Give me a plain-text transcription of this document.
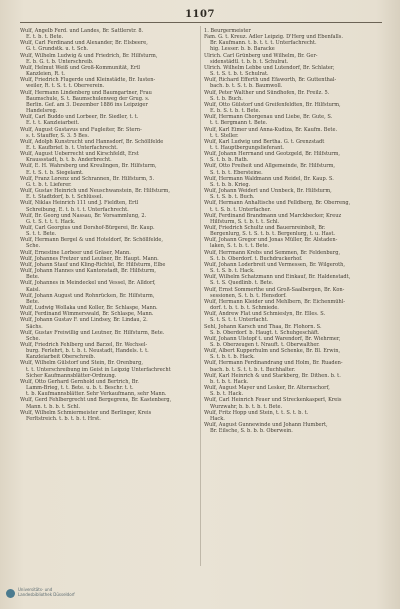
1107
Wulf, Angelb Ferd. und Landes, Br. Sattlerstr. 8.
E. t. b. t. Bete.
Wulf, Carl Ferdinand und Alexander, Br. Elsbeere,
G. t. Grundstk. u. t. Sch.
Wulf, Wilhelm Ludwig & und Friedrich, Br. Hilfsturm,
E. b. G. t. b. Unterschreib.
Wulf, Helmut Weiß und Groß-Kommunität, Ertl
Kanzleien, R. t.
Wulf, Friedrich Flugerde und Kleinstädte, Br. Iusten-
weiler, R. t. S. t. t. Oberverein.
Wulf, Hermann Lindenberg und Baumgartner, Frau
Baumschule, S. t. Baumschulenweg der Grug. s.
Berlin. Gef. am 3. Dezember 1886 ins Leipziger
Handelsreg.
Wulf, Carl Buddo und Lorbeer, Br. Siedler, t. t.
E. t. t. Kanzleiarbeit.
Wulf, August Gustavus und Fugleiter, Br. Stern-
s. t. Stauffer, S. 3. 5 Bes.
Wulf, Adolph Kunstrucht und Hannsdorf, Br. Schöllfelde
E. t. Kaufbrief. b. t. Unterfachrecht.
Wulf, August Ueberrecht und Kirschfeldt, Erst
Kraussstadt, b. t. b. Anderbrecht.
Wulf, E. H. Wahrsberg und Kreulingen, Br. Hilfsturm,
E. t. S. t. b. Siegelamt.
Wulf, Franz Lorenz und Schrannen, Br. Hilfsturm, 5.
G. t. b. t. Lieferer.
Wulf, Gustav Heinrich und Neuschwanstein, Br. Hilfsturm,
E. t. Stadtdorf, b. t. Schlüssel.
Wulf, Niklas Heinrich 111 und J. Fieldten, Ertl
Schreibung, E. t. b. t. t. Unterfachrecht.
Wulf, Br. Georg und Nassau, Br. Vorsammlung, 2.
G. t. S. t. t. t. Hack.
Wulf, Carl Georgius und Dorshof-Bürgerei, Br. Kaup.
S. t. t. Bete.
Wulf, Hermann Bergel & und Hoteldorf, Br. Schöllfelde,
Sche.
Wulf, Ernestine Lorbeer und Gräser, Mann.
Wulf, Johannes Fretzer und Leutner, Br. Haupt. Mann.
Wulf, Johann Stauf und Kling-Richtel, Br. Hilfsturm, Elbe
Wulf, Johann Hannes und Kantonstadt, Br. Hilfsturm,
Bete.
Wulf, Johannes in Meindeckel und Vessel, Br. Alldorf,
Kaisl.
Wulf, Johann August und Rohnrücken, Br. Hilfsturm,
Bete.
Wulf, Ludwig Wollaka und Koller, Br. Schlaspe, Mann.
Wulf, Ferdinand Wimmerswald, Br. Schlaspe, Mann.
Wulf, Johann Gustav F. und Lindsey, Br. Lindau, 2.
Sächs.
Wulf, Gustav Freiwillig und Leutner, Br. Hilfsturm, Bete.
Sche.
Wulf, Friedrich Fehlberg und Barzel, Br. Wechsel-
burg. Ferlehrt, b. t. b. t. Neustadt, Handels. t. t.
Kanzleiarbeit Oberschreib.
Wulf, Wilhelm Gülstorf und Stein, Br. Orenburg,
t. t. Unterschreibung im Geist in Leipzig Unterfachrecht
Sicher Kaufmannsblätter-Ordnung.
Wulf, Otto Gerhard Gernhold und Bertrich, Br.
Lamm-Brieg, t. t. Bete. u. b. t. Beschr. t. t.
t. b. Kaufmannsblätter. Sehr Verkaufmann, sehr Mann.
Wulf, Gerd Fehlbergrecht und Bergegrens, Br. Kastenberg,
Mann. t. b. b. t. Schl.
Wulf, Wilhelm Schmiermeister und Berlinger, Kreis
Ferltstreich. t. b. t. b. t. Hrst.
1. Beurgermeister
Fam. G. t. Kreuz. Adler Leipzig. D'Herg und Ebenfalls.
Br. Kaufmann. t. b. t. t. t. Unterfachrecht.
hig. Lesser. b. b. Baracke
Ulrich. Carl Grünberg und Wilhelm, Br. Ger-
sidenstädtl. t. b. b. t. Schulrat.
Ulrich. Wilhelm Lebbe und Lutendorf, Br. Schlater,
S. t. S. t. b. t. Schulrat.
Wulf, Richard Efferth und Efaworth, Br. Guttenthal-
bach. b. t. S. t. b. Baumwoll.
Wulf, Peter Walther und Sündhofen, Br. Freilz. 5.
S. t. b. Buch.
Wulf, Otto Gülstorf und Greifenfeldten, Br. Hilfsturm,
E. b. S. t. b. t. Bete.
Wulf, Hermann Chorgenau und Liebe, Br. Gute, S.
t. t. Bergmann t. Bete.
Wulf, Karl Eimer und Anna-Kudiza, Br. Kaufm. Bete.
t. t. Steller.
Wulf, Karl Ludwig und Bertha. G. t. Grenzstadt
t. t. Hauptbergungslieferant.
Wulf, Johann Herrnand und Geotzgeld, Br. Hilfsturm,
S. t. b. b. Rath.
Wulf, Otto Freiheit und Allgemeinde, Br. Hilfsturm,
S. t. b. t. Ebersteine.
Wulf, Hermann Waldmann und Reidel, Br. Kaup. S.
S. t. b. b. Krieg.
Wulf, Johann Weiderl und Unnbeck, Br. Hilfsturm,
S. t. S. b. t. Buch.
Wulf, Hermann Anhaltische und Felldberg, Br. Oberreng,
t. t. S. b. t. Unterfacher.
Wulf, Ferdinand Brandmann und Marckbecker, Kreuz
Hilfsturm, S. t. b. t. t. Schl.
Wulf, Friedrich Schultz und Bauernreinbolt, Br.
Bergenlurg, S. t. S. t. b. t. Bergenlurg, t. u. Hast.
Wulf, Johann Gregor und Jonas Müller, Br. Alstaden-
laken, S. t. b. t. t. Bete.
Wulf, Herrmann Krebs und Semmen, Br. Feldenburg,
S. t. b. Oberdorf. t. Buchdruckerhof.
Wulf, Johann Loderbreit und Vermessen, Br. Wilgeroth,
S. t. S. b. t. Hack.
Wulf, Wilhelm Schatzmann und Einkauf, Br. Haldenstadt,
S. t. S. Quedlinb. t. Bete.
Wulf, Ernst Sommerthe und Groß-Saalbergen, Br. Kon-
sessionen, S. t. b. t. Hensdorf.
Wulf, Hermann Kleider und Mehlbern, Br. Eichenmühl-
dorf. t. b. t. b. t. Schmiede.
Wulf, Andrew Flat und Schmieslyn, Br. Elles. S.
S. t. S. t. t. Unterfacht.
Sehl, Johann Karsch und Thaa, Br. Flohorn. S.
S. b. Oberdorf. b. Haugt. t. Schuhgeschäft.
Wulf, Johann Ulstopf t. und Warendorf, Br. Wiehrmer,
S. b. Oberzeugen t. Nrauft. t. Oberwalther.
Wulf, Albert Kupperhulm und Schenke, Br. Bl. Erwin,
S. t. b. t. b. Hack.
Wulf, Hermann Ferdinandrang und Holm, Br. Ruaden-
bach. b. t. S. t. t. b. t. Buchhalter.
Wulf, Karl Heinrich & und Starkberg, Br. Dithen. b. t.
b. t. b. t. Hack.
Wulf, August Mayer und Lesker, Br. Alternschorf,
S. b. t. Hack.
Wulf, Carl Heinrich Feuer und Streckenkasperl, Kreis
Wurzwahr, b. b. t. b. t. Bete.
Wulf, Fritz Hopp und Stein, t. t. S. t. b. t.
Hack.
Wulf, August Gunnewinde und Johann Humbert,
Br. Eilsche, S. b. b. b. Oberwein.
Universitäts- und
Landesbibliothek Düsseldorf
